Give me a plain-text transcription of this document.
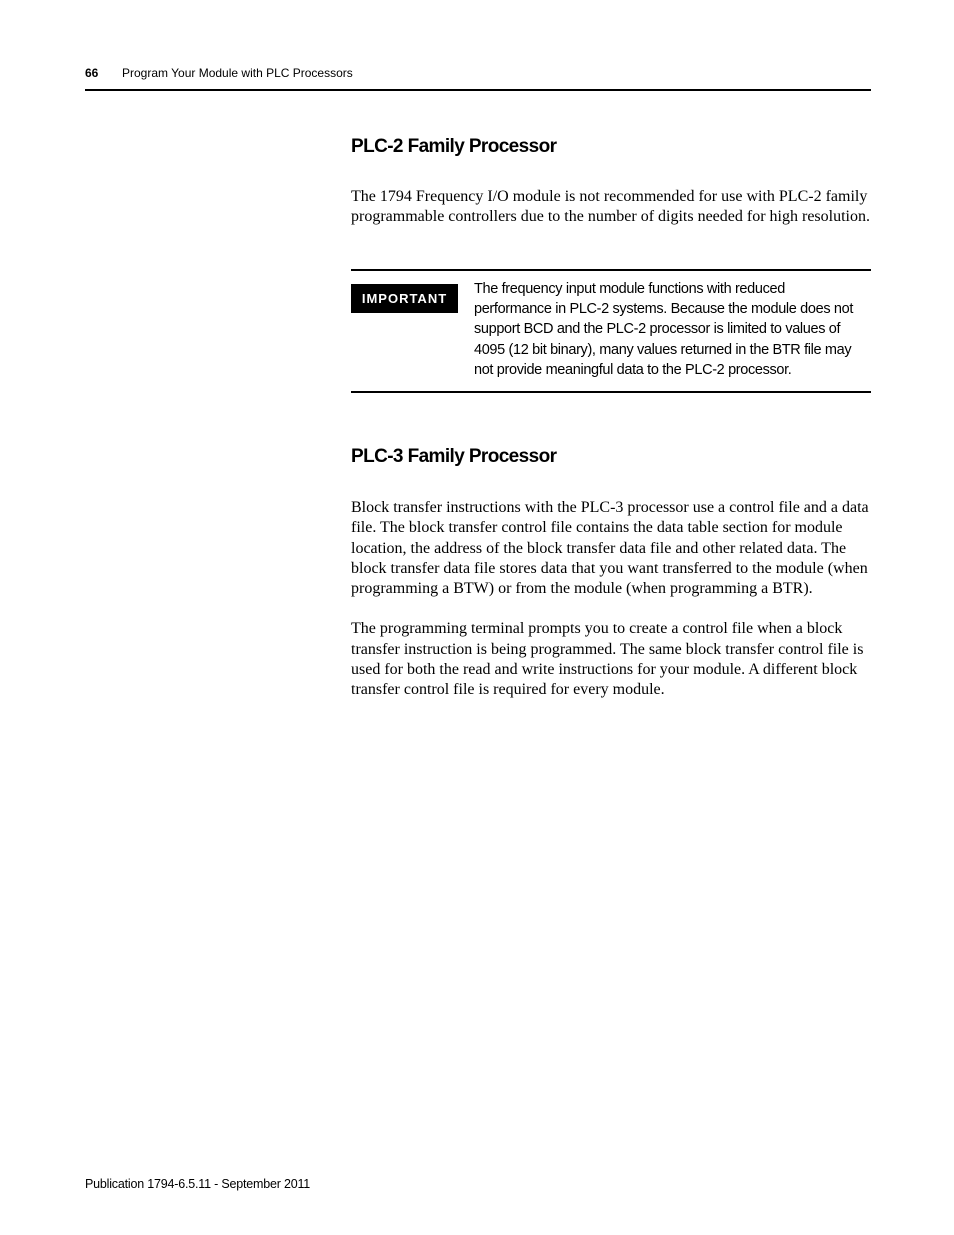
66 Program Your Module with PLC Processors
PLC-2 Family Processor

The 1794 Frequency I/O module is not recommended for use with PLC-2 family programmable controllers due to the number of digits needed for high resolution.

IMPORTANT
The frequency input module functions with reduced performance in PLC-2 systems. Because the module does not support BCD and the PLC-2 processor is limited to values of 4095 (12 bit binary), many values returned in the BTR file may not provide meaningful data to the PLC-2 processor.
PLC-3 Family Processor

Block transfer instructions with the PLC-3 processor use a control file and a data file. The block transfer control file contains the data table section for module location, the address of the block transfer data file and other related data. The block transfer data file stores data that you want transferred to the module (when programming a BTW) or from the module (when programming a BTR).

The programming terminal prompts you to create a control file when a block transfer instruction is being programmed. The same block transfer control file is used for both the read and write instructions for your module. A different block transfer control file is required for every module.

Publication 1794-6.5.11 - September 2011
